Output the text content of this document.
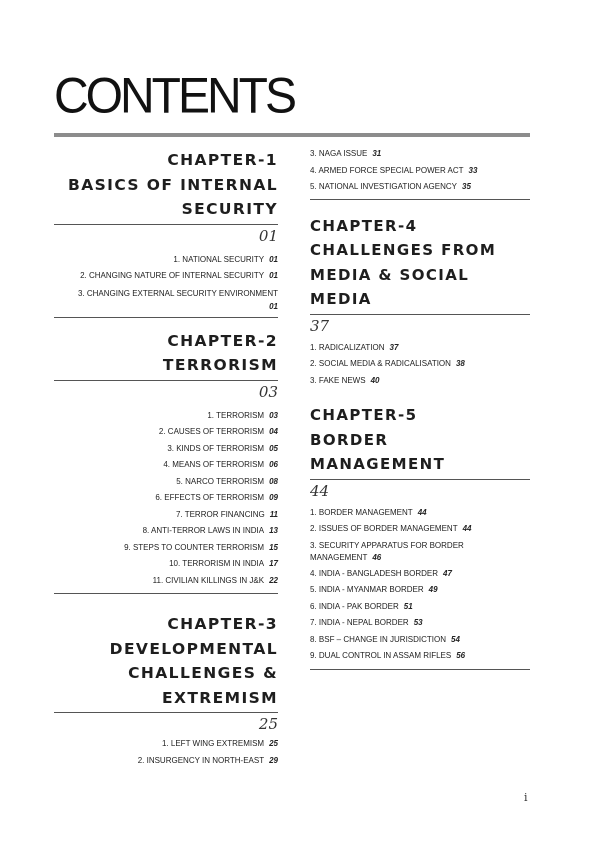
CONTENTS
CHAPTER-1
BASICS OF INTERNAL
SECURITY
01
1. NATIONAL SECURITY 01
2. CHANGING NATURE OF INTERNAL SECURITY 01
3. CHANGING EXTERNAL SECURITY ENVIRONMENT
01
CHAPTER-2
TERRORISM
03
1. TERRORISM 03
2. CAUSES OF TERRORISM 04
3. KINDS OF TERRORISM 05
4. MEANS OF TERRORISM 06
5. NARCO TERRORISM 08
6. EFFECTS OF TERRORISM 09
7. TERROR FINANCING 11
8. ANTI-TERROR LAWS IN INDIA 13
9. STEPS TO COUNTER TERRORISM 15
10. TERRORISM IN INDIA 17
11. CIVILIAN KILLINGS IN J&K 22
CHAPTER-3
DEVELOPMENTAL
CHALLENGES &
EXTREMISM
25
1. LEFT WING EXTREMISM 25
2. INSURGENCY IN NORTH-EAST 29
3. NAGA ISSUE 31
4. ARMED FORCE SPECIAL POWER ACT 33
5. NATIONAL INVESTIGATION AGENCY 35
CHAPTER-4
CHALLENGES FROM
MEDIA & SOCIAL
MEDIA
37
1. RADICALIZATION 37
2. SOCIAL MEDIA & RADICALISATION 38
3. FAKE NEWS 40
CHAPTER-5
BORDER
MANAGEMENT
44
1. BORDER MANAGEMENT 44
2. ISSUES OF BORDER MANAGEMENT 44
3. SECURITY APPARATUS FOR BORDER MANAGEMENT 46
4. INDIA - BANGLADESH BORDER 47
5. INDIA - MYANMAR BORDER 49
6. INDIA - PAK BORDER 51
7. INDIA - NEPAL BORDER 53
8. BSF – CHANGE IN JURISDICTION 54
9. DUAL CONTROL IN ASSAM RIFLES 56
i
